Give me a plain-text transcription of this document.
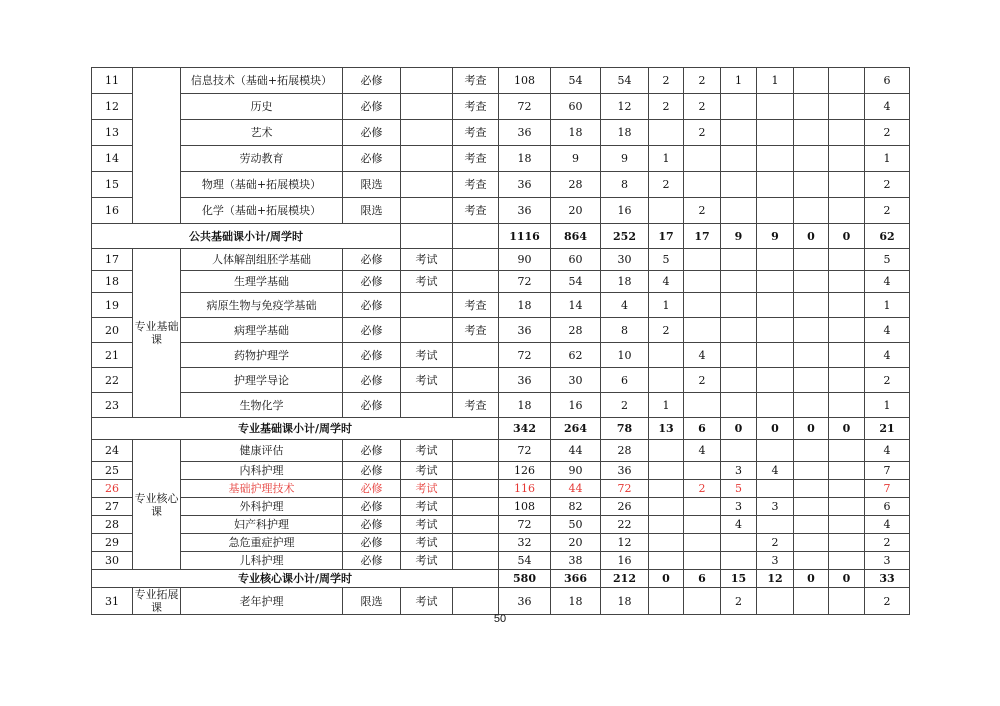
11		信息技术（基础+拓展模块）	必修		考查	108	54	54	2	2	1	1			6
12		历史	必修		考查	72	60	12	2	2					4
13		艺术	必修		考查	36	18	18		2					2
14		劳动教育	必修		考查	18	9	9	1						1
15		物理（基础+拓展模块）	限选		考查	36	28	8	2						2
16		化学（基础+拓展模块）	限选		考查	36	20	16		2					2
公共基础课小计/周学时						1116	864	252	17	17	9	9	0	0	62
17	专业基础课	人体解剖组胚学基础	必修	考试		90	60	30	5						5
18		生理学基础	必修	考试		72	54	18	4						4
19		病原生物与免疫学基础	必修		考查	18	14	4	1						1
20		病理学基础	必修		考查	36	28	8	2						4
21		药物护理学	必修	考试		72	62	10		4					4
22		护理学导论	必修	考试		36	30	6		2					2
23		生物化学	必修		考查	18	16	2	1						1
专业基础课小计/周学时						342	264	78	13	6	0	0	0	0	21
24	专业核心课	健康评估	必修	考试		72	44	28		4					4
25		内科护理	必修	考试		126	90	36			3	4			7
26		基础护理技术	必修	考试		116	44	72		2	5				7
27		外科护理	必修	考试		108	82	26			3	3			6
28		妇产科护理	必修	考试		72	50	22			4				4
29		急危重症护理	必修	考试		32	20	12				2			2
30		儿科护理	必修	考试		54	38	16				3			3
专业核心课小计/周学时						580	366	212	0	6	15	12	0	0	33
31	专业拓展课	老年护理	限选	考试		36	18	18			2				2
50
